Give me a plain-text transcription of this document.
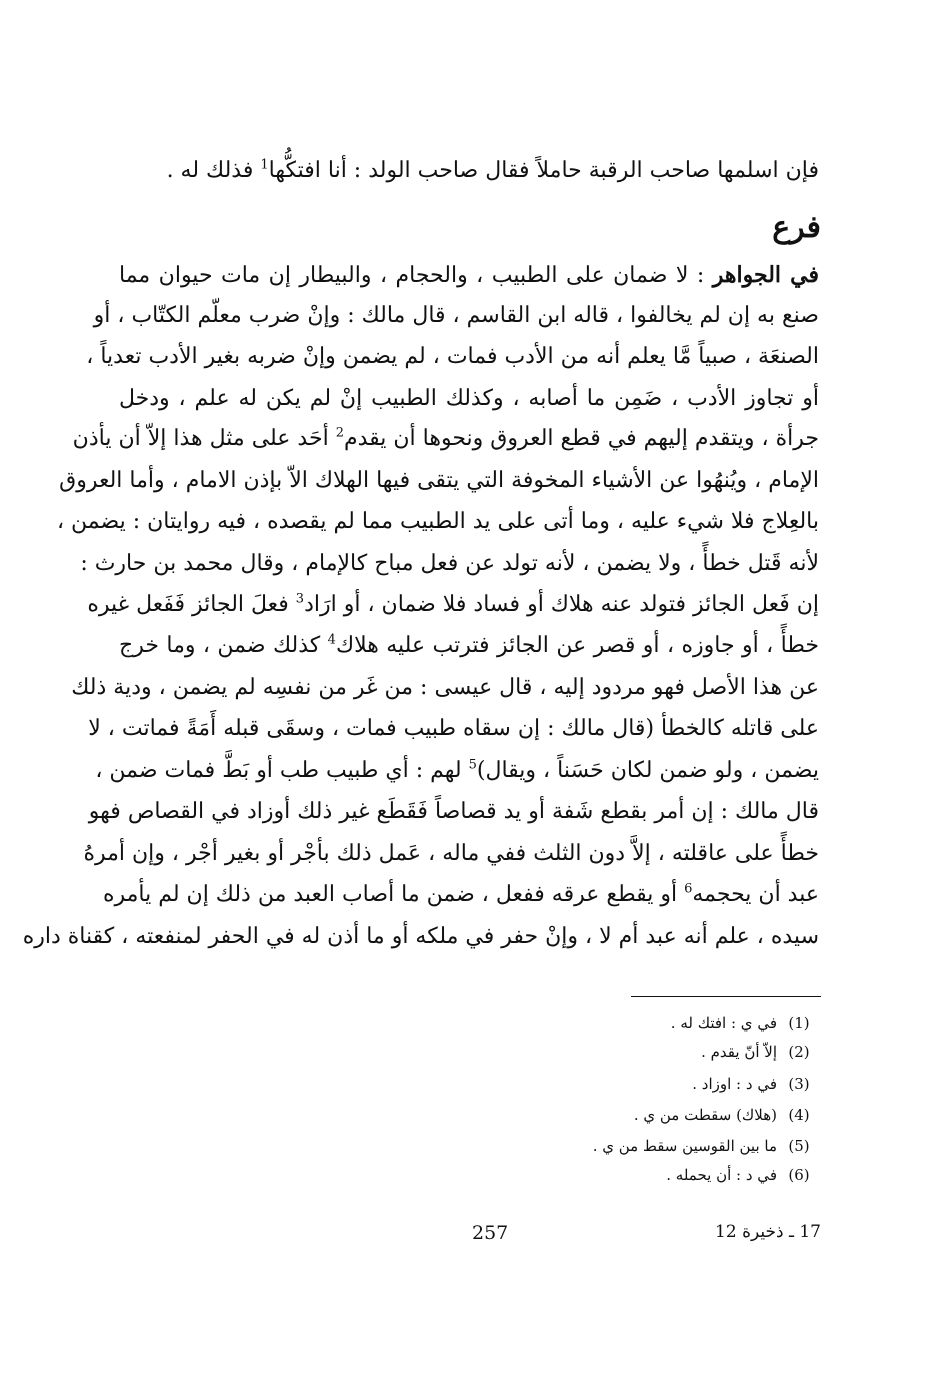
فإن اسلمها صاحب الرقبة حاملاً فقال صاحب الولد : أنا افتكُّها$^1$ فذلك له .
فرع
في الجواهر : لا ضمان على الطبيب ، والحجام ، والبيطار إن مات حيوان مما
صنع به إن لم يخالفوا ، قاله ابن القاسم ، قال مالك : وإنْ ضرب معلّم الكتّاب ، أو
الصنعَة ، صبياً مَّا يعلم أنه من الأدب فمات ، لم يضمن وإنْ ضربه بغير الأدب تعدياً ،
أو تجاوز الأدب ، ضَمِن ما أصابه ، وكذلك الطبيب إنْ لم يكن له علم ، ودخل
جرأة ، ويتقدم إليهم في قطع العروق ونحوها أن يقدم$^2$ أحَد على مثل هذا إلاّ أن يأذن
الإمام ، ويُنهُوا عن الأشياء المخوفة التي يتقى فيها الهلاك الاّ بإذن الامام ، وأما العروق
بالعِلاج فلا شيء عليه ، وما أتى على يد الطبيب مما لم يقصده ، فيه روايتان : يضمن ،
لأنه قَتل خطأً ، ولا يضمن ، لأنه تولد عن فعل مباح كالإمام ، وقال محمد بن حارث :
إن فَعل الجائز فتولد عنه هلاك أو فساد فلا ضمان ، أو ارَاد$^3$ فعلَ الجائز فَفَعل غيره
خطأً ، أو جاوزه ، أو قصر عن الجائز فترتب عليه هلاك$^4$ كذلك ضمن ، وما خرج
عن هذا الأصل فهو مردود إليه ، قال عيسى : من غَر من نفسِه لم يضمن ، ودية ذلك
على قاتله كالخطأ (قال مالك : إن سقاه طبيب فمات ، وسقَى قبله أَمَةً فماتت ، لا
يضمن ، ولو ضمن لكان حَسَناً ، ويقال)$^5$ لهم : أي طبيب طب أو بَطَّ فمات ضمن ،
قال مالك : إن أمر بقطع شَفة أو يد قصاصاً فَقَطَع غير ذلك أوزاد في القصاص فهو
خطأً على عاقلته ، إلاَّ دون الثلث ففي ماله ، عَمل ذلك بأجْر أو بغير أجْر ، وإن أمرهُ
عبد أن يحجمه$^6$ أو يقطع عرقه ففعل ، ضمن ما أصاب العبد من ذلك إن لم يأمره
سيده ، علم أنه عبد أم لا ، وإنْ حفر في ملكه أو ما أذن له في الحفر لمنفعته ، كقناة داره
(1)في ي : افتك له .
(2)إلاّ أنّ يقدم .
(3)في د : اوزاد .
(4)(هلاك) سقطت من ي .
(5)ما بين القوسين سقط من ي .
(6)في د : أن يحمله .
257	17 ـ ذخيرة 12
